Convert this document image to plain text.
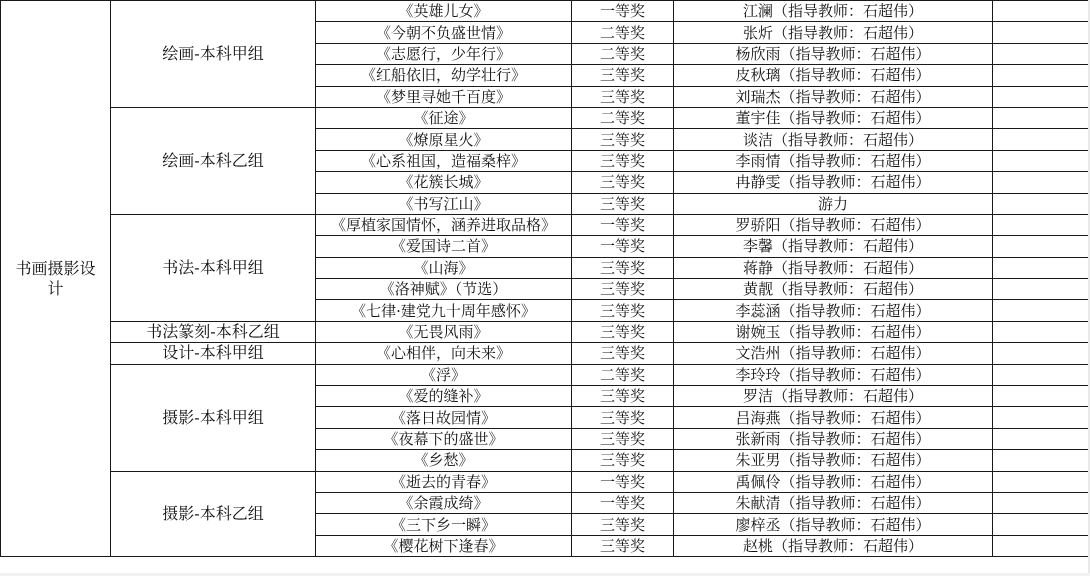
书画摄影设计	绘画-本科甲组	《英雄儿女》	一等奖	江澜（指导教师：石超伟）	
		《今朝不负盛世情》	二等奖	张炘（指导教师：石超伟）	
		《志愿行，少年行》	二等奖	杨欣雨（指导教师：石超伟）	
		《红船依旧，幼学壮行》	三等奖	皮秋璃（指导教师：石超伟）	
		《梦里寻她千百度》	三等奖	刘瑞杰（指导教师：石超伟）	
	绘画-本科乙组	《征途》	二等奖	董宇佳（指导教师：石超伟）	
		《燎原星火》	三等奖	谈洁（指导教师：石超伟）	
		《心系祖国，造福桑梓》	三等奖	李雨情（指导教师：石超伟）	
		《花簇长城》	三等奖	冉静雯（指导教师：石超伟）	
		《书写江山》	三等奖	游力	
	书法-本科甲组	《厚植家国情怀，涵养进取品格》	一等奖	罗骄阳（指导教师：石超伟）	
		《爱国诗二首》	一等奖	李馨（指导教师：石超伟）	
		《山海》	三等奖	蒋静（指导教师：石超伟）	
		《洛神赋》（节选）	三等奖	黄靓（指导教师：石超伟）	
		《七律·建党九十周年感怀》	三等奖	李蕊涵（指导教师：石超伟）	
	书法篆刻-本科乙组	《无畏风雨》	三等奖	谢婉玉（指导教师：石超伟）	
	设计-本科甲组	《心相伴，向未来》	三等奖	文浩州（指导教师：石超伟）	
	摄影-本科甲组	《浮》	二等奖	李玲玲（指导教师：石超伟）	
		《爱的缝补》	三等奖	罗洁（指导教师：石超伟）	
		《落日故园情》	三等奖	吕海燕（指导教师：石超伟）	
		《夜幕下的盛世》	三等奖	张新雨（指导教师：石超伟）	
		《乡愁》	三等奖	朱亚男（指导教师：石超伟）	
	摄影-本科乙组	《逝去的青春》	一等奖	禹佩伶（指导教师：石超伟）	
		《余霞成绮》	一等奖	朱献清（指导教师：石超伟）	
		《三下乡一瞬》	三等奖	廖梓丞（指导教师：石超伟）	
		《樱花树下逢春》	三等奖	赵桃（指导教师：石超伟）	
